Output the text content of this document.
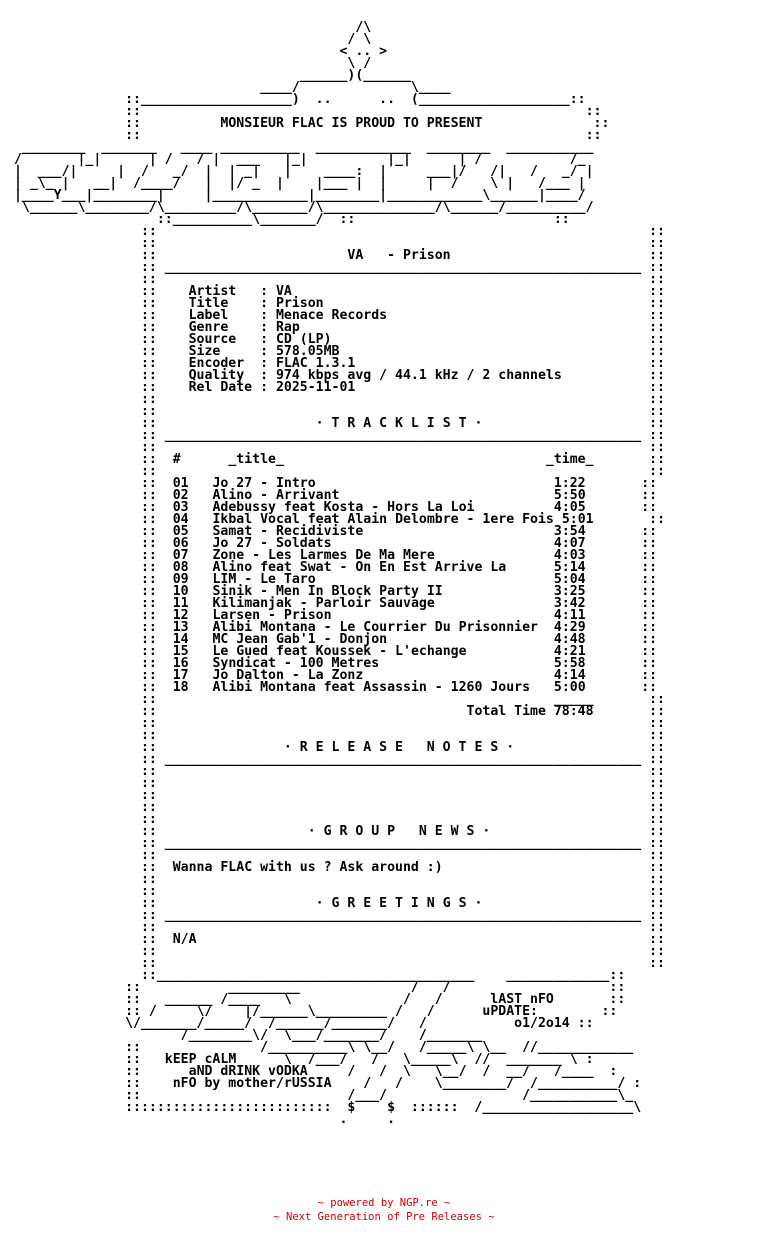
/\
/ \
< .. >
\ /
______)(______
____/              \____
::___________________)  ..      ..  (___________________::
::                                                        ::
::          MONSIEUR FLAC IS PROUD TO PRESENT	::
::                                                        ::
________  _______   ____ __________  ____________  ________  ___________
/       |_|      | /   / |  ___   |_|          |_|      | /           /_
|  ___/|     |  /   _/  |  | _|   |    ____:  |     ___|/   /|   /   _/ |
| _\_ |   __|  /____/   |  |/ _  |    |___ |  |     |  /    \ |   /___ |
|____Y___|________|     |____________|________|____________\______|____/
\______\________/\_________/\_______/\______________/\______/__________/
::__________\_______/  ::                         ::
::                                                              ::
::                                                              ::
::                        VA   - Prison	::
:: ____________________________________________________________ ::
::                                                              ::
::    Artist   : VA	::
::    Title    : Prison	::
::    Label    : Menace Records	::
::    Genre    : Rap	::
::    Source   : CD (LP)	::
::    Size     : 578.05MB	::
::    Encoder  : FLAC 1.3.1	::
::    Quality  : 974 kbps avg / 44.1 kHz / 2 channels	::
::    Rel Date : 2025-11-01	::
::                                                              ::
::                                                              ::
::                    · T R A C K L I S T ·	::
:: ____________________________________________________________ ::
::                                                              ::
::  #	_title_	_time_	::
::                                                              ::
::  01 Jo 27 - Intro	1:22	::
::  02 Alino - Arrivant	5:50	::
::  03 Adebussy feat Kosta - Hors La Loi	4:05	::
::  04 Ikbal Vocal feat Alain Delombre - 1ere Fois 5:01	::
::  05 Samat - Recidiviste	3:54	::
::  06 Jo 27 - Soldats	4:07	::
::  07 Zone - Les Larmes De Ma Mere	4:03	::
::  08 Alino feat Swat - On En Est Arrive La	5:14	::
::  09 LIM - Le Taro	5:04	::
::  10 Sinik - Men In Block Party II	3:25	::
::  11 Kilimanjak - Parloir Sauvage	3:42	::
::  12 Larsen - Prison	4:11	::
::  13 Alibi Montana - Le Courrier Du Prisonnier 4:29	::
::  14 MC Jean Gab'1 - Donjon	4:48	::
::  15 Le Gued feat Koussek - L'echange	4:21	::
::  16 Syndicat - 100 Metres	5:58	::
::  17 Jo Dalton - La Zonz	4:14	::
::  18 Alibi Montana feat Assassin - 1260 Jours 5:00	::
::                                                  _____       ::
::                                       Total Time 78:48	::
::                                                              ::
::                                                              ::
::                · R E L E A S E   N O T E S ·	::
:: ____________________________________________________________ ::
::	::
::                                                              ::
::                                                              ::
::                                                              ::
::                                                              ::
::                   · G R O U P   N E W S ·	::
:: ____________________________________________________________ ::
::                                                              ::
::  Wanna FLAC with us ? Ask around :)	::
::                                                              ::
::                                                              ::
::                    · G R E E T I N G S ·	::
:: ____________________________________________________________ ::
::                                                              ::
::  N/A	::
::                                                              ::
::                                                              ::
::________________________________________    _____________::
::           _________              /   /                    ::
::   ______ /____   \              /   /      lAST nFO	::
:: /     \/    |/______\_________ /   /      uPDATE:	::
\/_______/_____/  /______/_______/   /           o1/2o14 ::
/________\/  \___/_______/    /_______
::               /__________\ \__/   /_____\ \__  //____________
::   kEEP cALM	\  /___/   /   \_____\  //  _______ \ :
::      aND dRINK vODKA	/   /  \   \__/  /  __/   /____  :
::    nFO by mother/rUSSIA    /   /    \________/  /__________/ :
::                          /___/                 /___________\_
::::::::::::::::::::::::::  $    $  ::::::  /___________________\
.     .

~ powered by NGP.re ~
~ Next Generation of Pre Releases ~
